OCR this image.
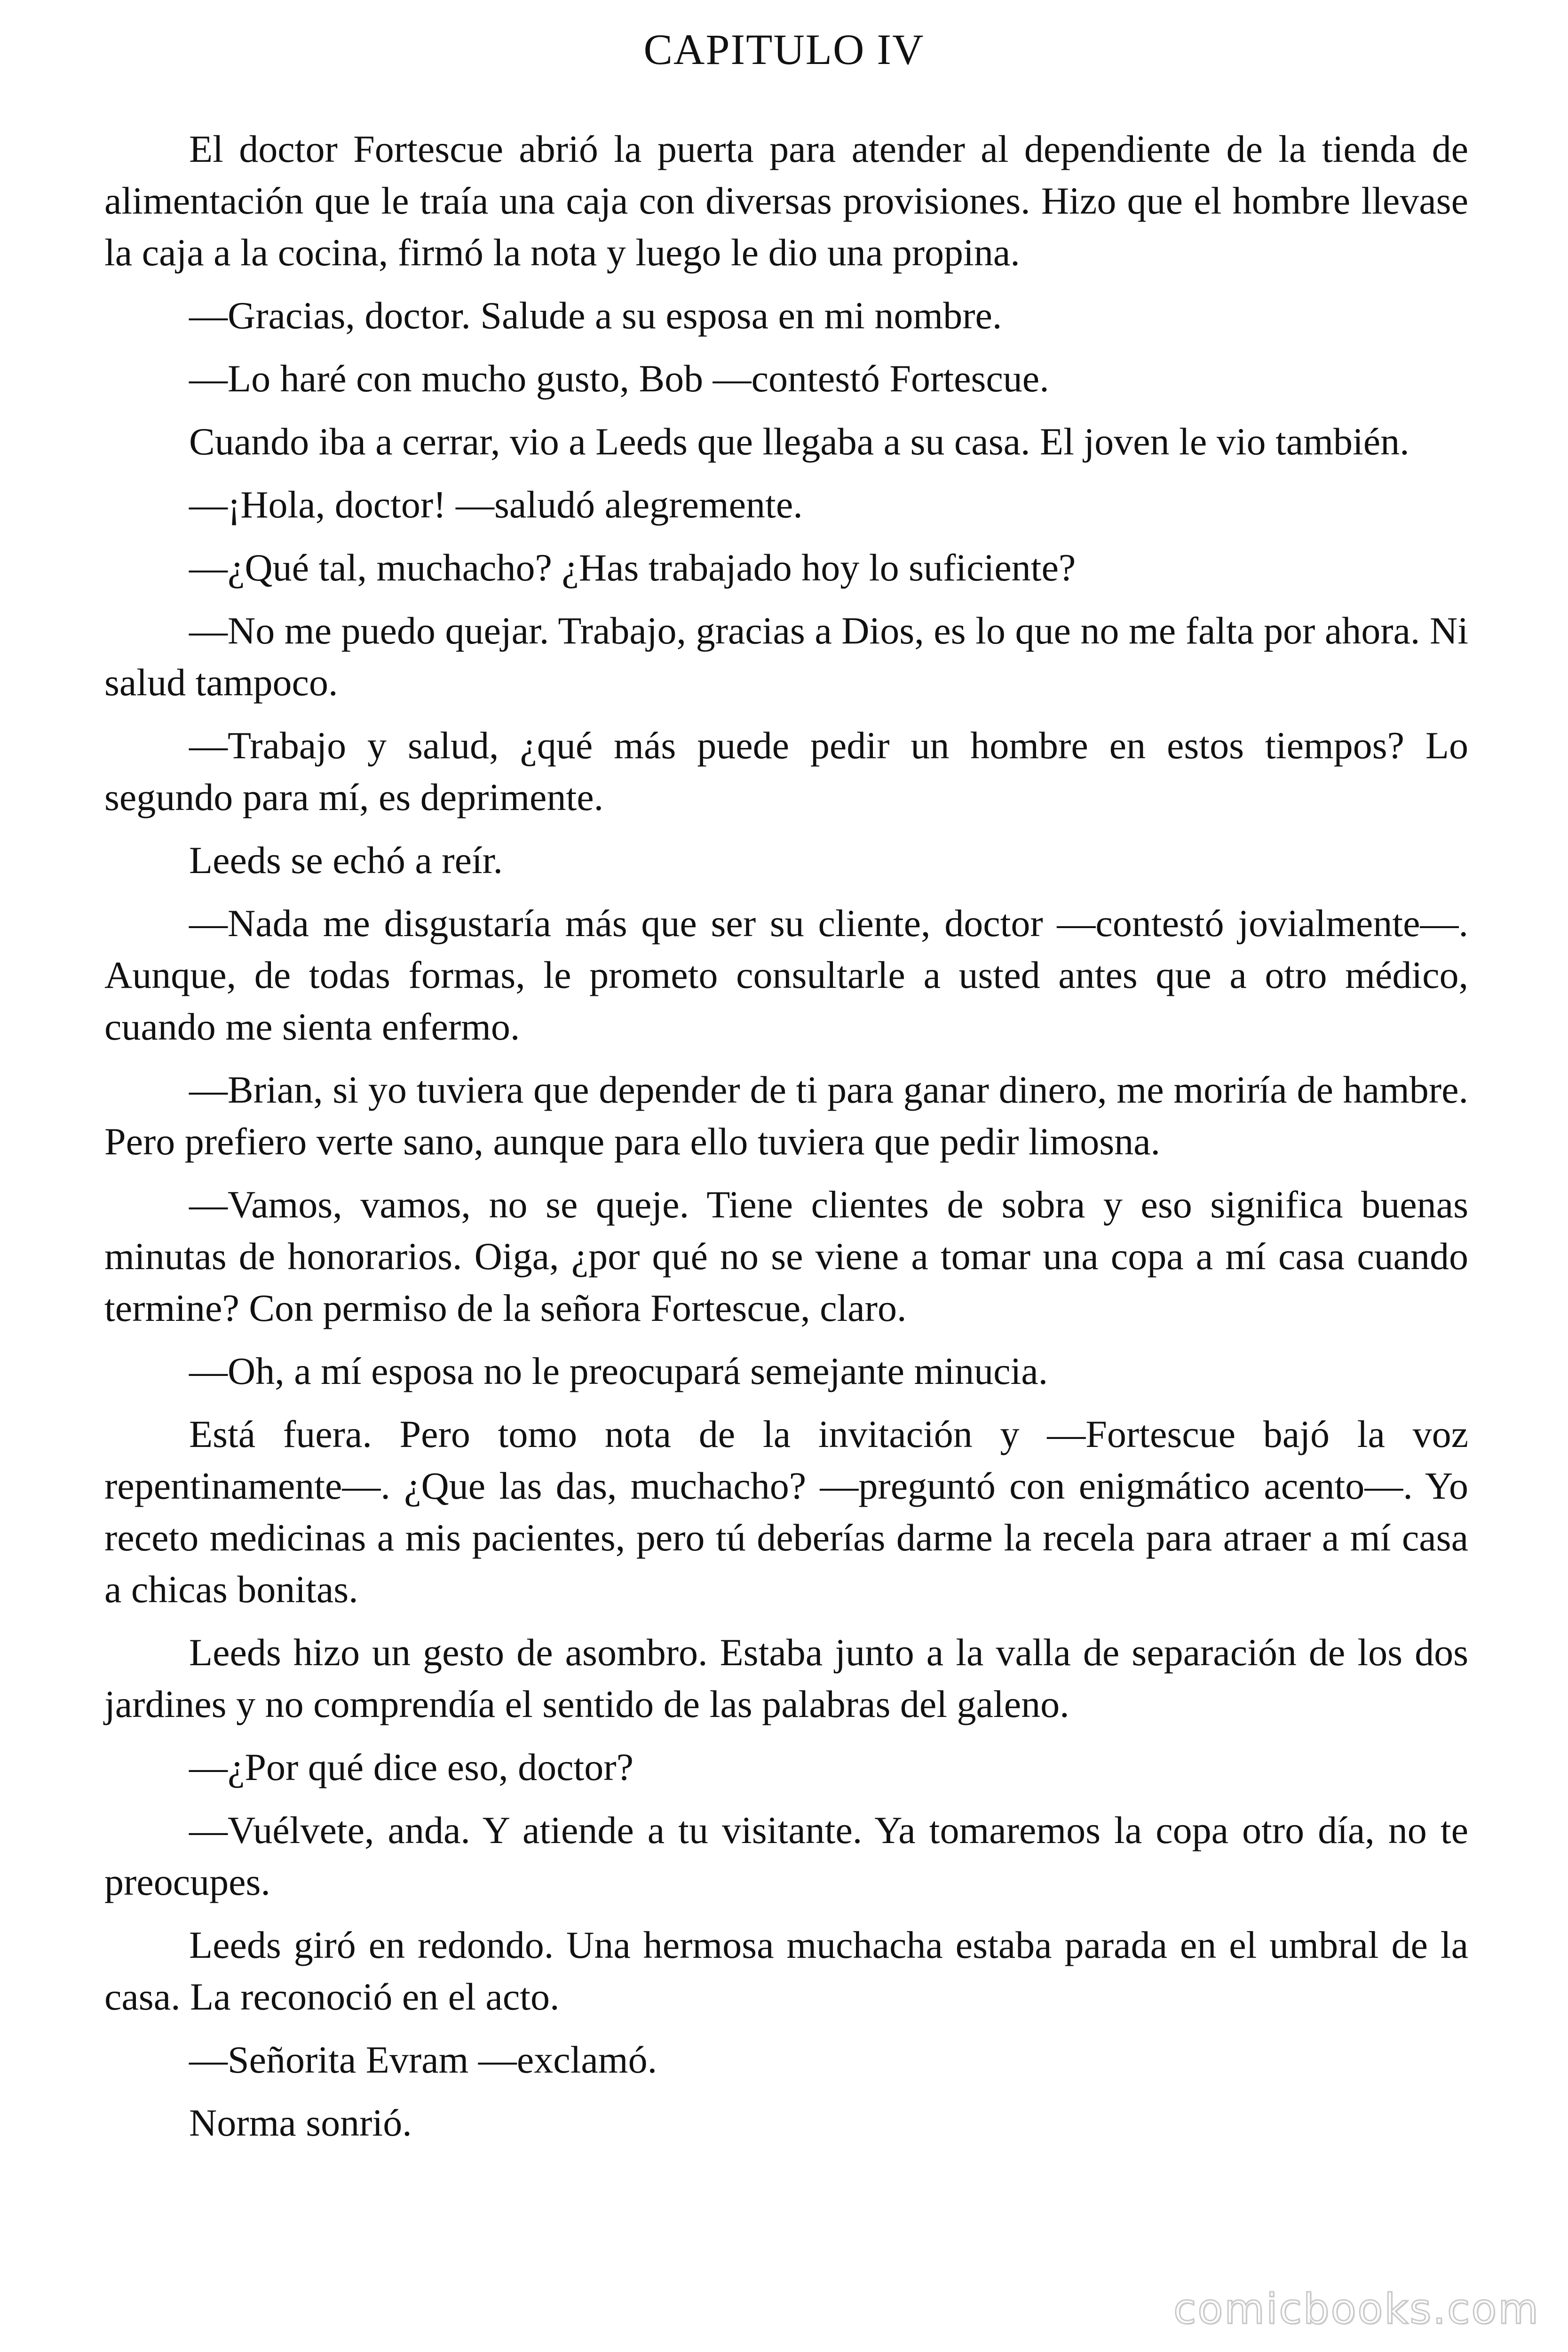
CAPITULO IV

El doctor Fortescue abrió la puerta para atender al dependiente de la tienda de alimentación que le traía una caja con diversas provisiones. Hizo que el hombre llevase la caja a la cocina, firmó la nota y luego le dio una propina.

—Gracias, doctor. Salude a su esposa en mi nombre.

—Lo haré con mucho gusto, Bob —contestó Fortescue.

Cuando iba a cerrar, vio a Leeds que llegaba a su casa. El joven le vio también.

—¡Hola, doctor! —saludó alegremente.

—¿Qué tal, muchacho? ¿Has trabajado hoy lo suficiente?

—No me puedo quejar. Trabajo, gracias a Dios, es lo que no me falta por ahora. Ni salud tampoco.

—Trabajo y salud, ¿qué más puede pedir un hombre en estos tiempos? Lo segundo para mí, es deprimente.

Leeds se echó a reír.

—Nada me disgustaría más que ser su cliente, doctor —contestó jovialmente—. Aunque, de todas formas, le prometo consultarle a usted antes que a otro médico, cuando me sienta enfermo.

—Brian, si yo tuviera que depender de ti para ganar dinero, me moriría de hambre. Pero prefiero verte sano, aunque para ello tuviera que pedir limosna.

—Vamos, vamos, no se queje. Tiene clientes de sobra y eso significa buenas minutas de honorarios. Oiga, ¿por qué no se viene a tomar una copa a mí casa cuando termine? Con permiso de la señora Fortescue, claro.

—Oh, a mí esposa no le preocupará semejante minucia.

Está fuera. Pero tomo nota de la invitación y —Fortescue bajó la voz repentinamente—. ¿Que las das, muchacho? —preguntó con enigmático acento—. Yo receto medicinas a mis pacientes, pero tú deberías darme la recela para atraer a mí casa a chicas bonitas.

Leeds hizo un gesto de asombro. Estaba junto a la valla de separación de los dos jardines y no comprendía el sentido de las palabras del galeno.

—¿Por qué dice eso, doctor?

—Vuélvete, anda. Y atiende a tu visitante. Ya tomaremos la copa otro día, no te preocupes.

Leeds giró en redondo. Una hermosa muchacha estaba parada en el umbral de la casa. La reconoció en el acto.

—Señorita Evram —exclamó.

Norma sonrió.

comicbooks.com
